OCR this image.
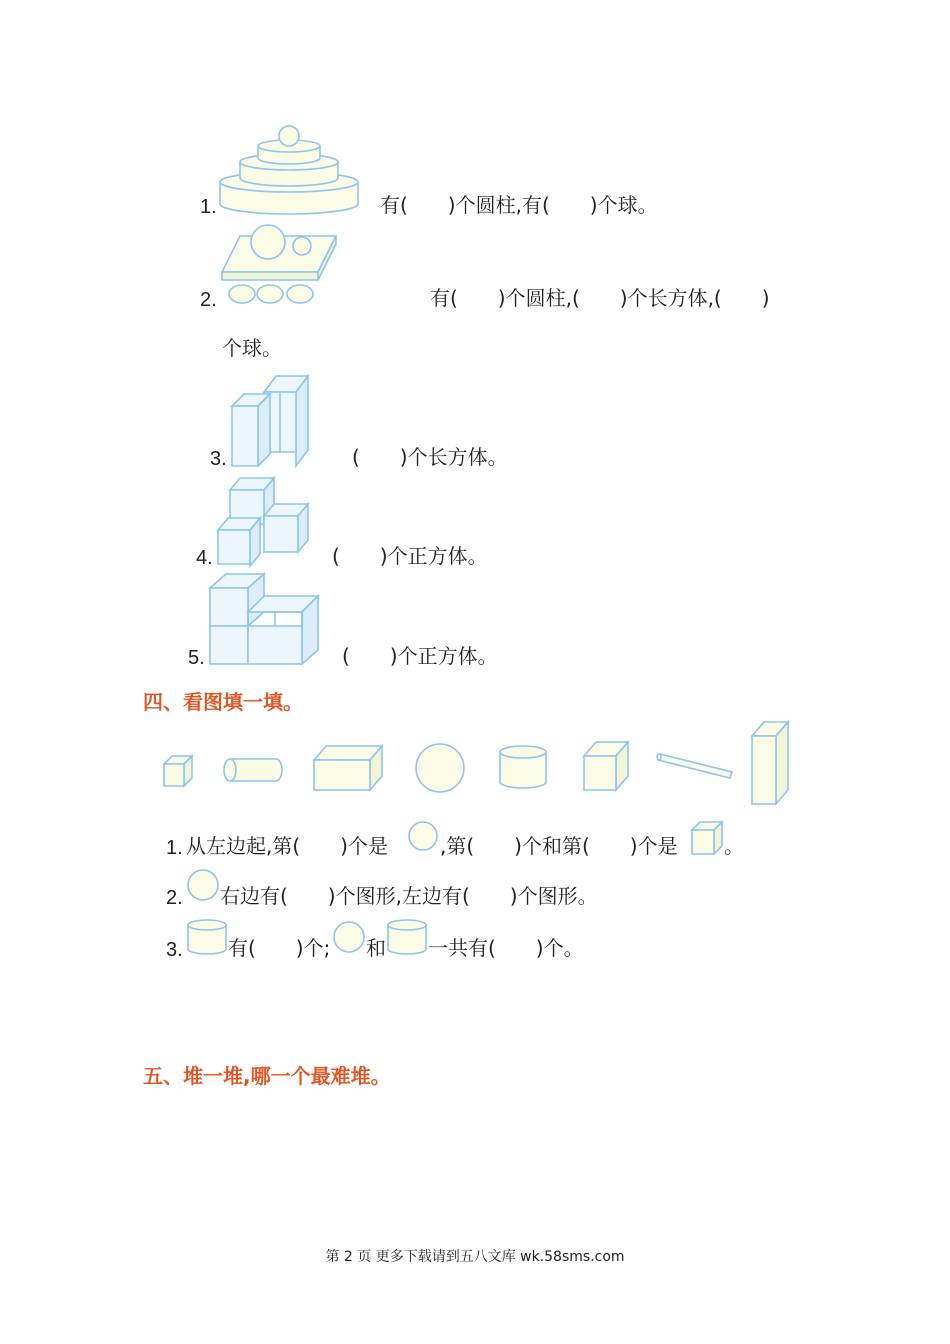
1.	有(　　)个圆柱,有(　　)个球。
2.	有(　　)个圆柱,(　　)个长方体,(　　)
个球。
3.	(　　)个长方体。
4.	(　　)个正方体。
5.	(　　)个正方体。
四、看图填一填。
1. 从左边起,第(　　)个是	,第(　　)个和第(　　)个是 。
2. 右边有(　　)个图形,左边有(　　)个图形。
3. 有(　　)个; 和 一共有(　　)个。
五、堆一堆,哪一个最难堆。
第 2 页 更多下载请到五八文库 wk.58sms.com
